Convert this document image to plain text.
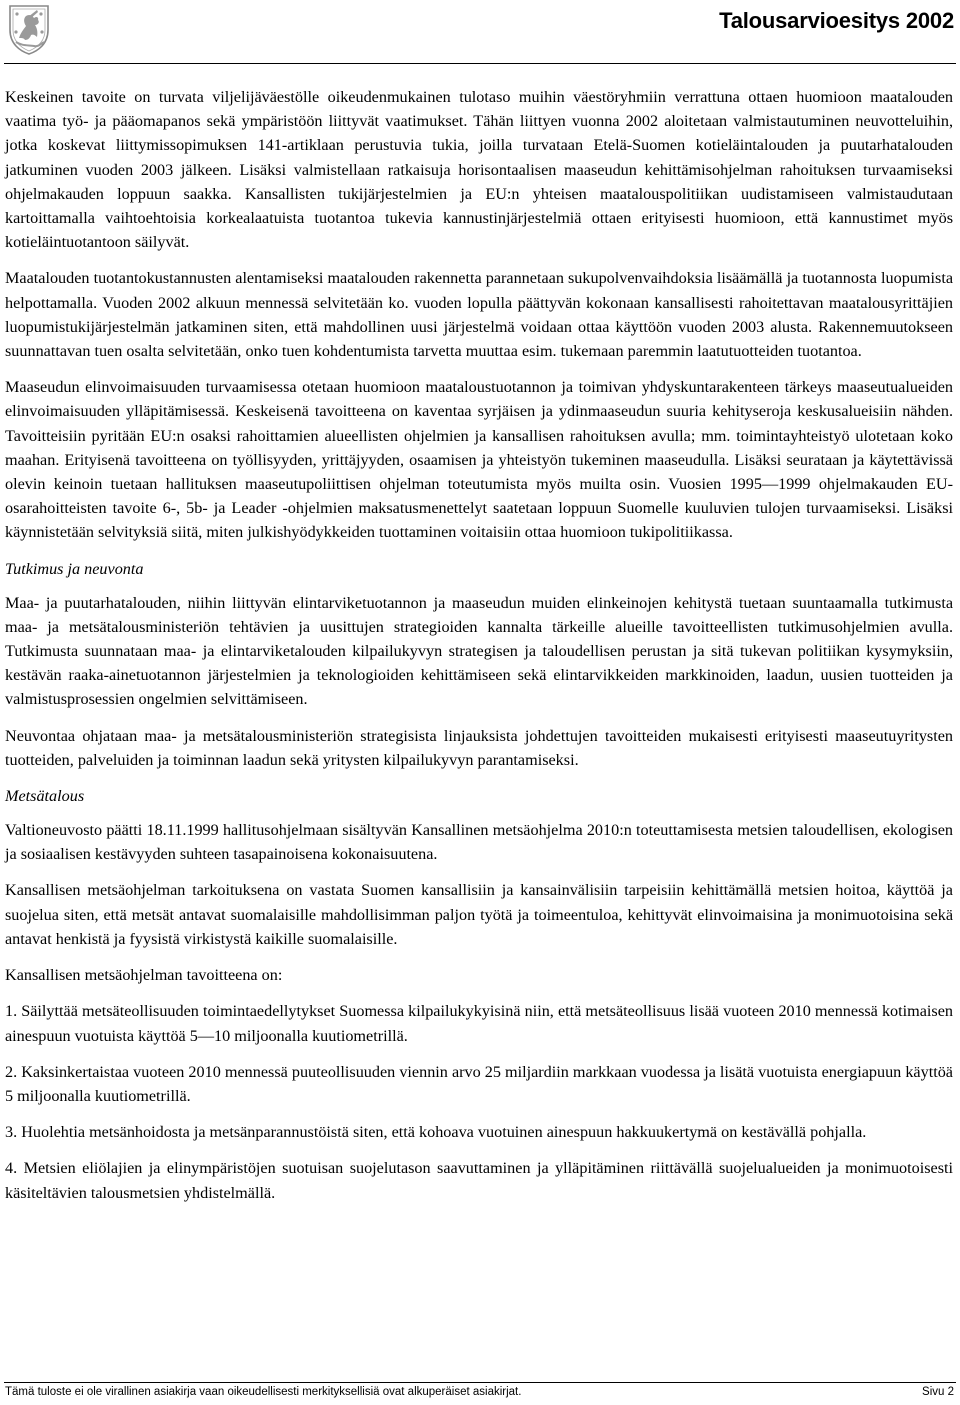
Talousarvioesitys 2002

Keskeinen tavoite on turvata viljelijäväestölle oikeudenmukainen tulotaso muihin väestöryhmiin verrattuna ottaen huomioon maatalouden vaatima työ- ja pääomapanos sekä ympäristöön liittyvät vaatimukset. Tähän liittyen vuonna 2002 aloitetaan valmistautuminen neuvotteluihin, jotka koskevat liittymissopimuksen 141-artiklaan perustuvia tukia, joilla turvataan Etelä-Suomen kotieläintalouden ja puutarhatalouden jatkuminen vuoden 2003 jälkeen. Lisäksi valmistellaan ratkaisuja horisontaalisen maaseudun kehittämisohjelman rahoituksen turvaamiseksi ohjelmakauden loppuun saakka. Kansallisten tukijärjestelmien ja EU:n yhteisen maatalouspolitiikan uudistamiseen valmistaudutaan kartoittamalla vaihtoehtoisia korkealaatuista tuotantoa tukevia kannustinjärjestelmiä ottaen erityisesti huomioon, että kannustimet myös kotieläintuotantoon säilyvät.

Maatalouden tuotantokustannusten alentamiseksi maatalouden rakennetta parannetaan sukupolvenvaihdoksia lisäämällä ja tuotannosta luopumista helpottamalla. Vuoden 2002 alkuun mennessä selvitetään ko. vuoden lopulla päättyvän kokonaan kansallisesti rahoitettavan maatalousyrittäjien luopumistukijärjestelmän jatkaminen siten, että mahdollinen uusi järjestelmä voidaan ottaa käyttöön vuoden 2003 alusta. Rakennemuutokseen suunnattavan tuen osalta selvitetään, onko tuen kohdentumista tarvetta muuttaa esim. tukemaan paremmin laatutuotteiden tuotantoa.

Maaseudun elinvoimaisuuden turvaamisessa otetaan huomioon maataloustuotannon ja toimivan yhdyskuntarakenteen tärkeys maaseutualueiden elinvoimaisuuden ylläpitämisessä. Keskeisenä tavoitteena on kaventaa syrjäisen ja ydinmaaseudun suuria kehityseroja keskusalueisiin nähden. Tavoitteisiin pyritään EU:n osaksi rahoittamien alueellisten ohjelmien ja kansallisen rahoituksen avulla; mm. toimintayhteistyö ulotetaan koko maahan. Erityisenä tavoitteena on työllisyyden, yrittäjyyden, osaamisen ja yhteistyön tukeminen maaseudulla. Lisäksi seurataan ja käytettävissä olevin keinoin tuetaan hallituksen maaseutupoliittisen ohjelman toteutumista myös muilta osin. Vuosien 1995—1999 ohjelmakauden EU-osarahoitteisten tavoite 6-, 5b- ja Leader -ohjelmien maksatusmenettelyt saatetaan loppuun Suomelle kuuluvien tulojen turvaamiseksi. Lisäksi käynnistetään selvityksiä siitä, miten julkishyödykkeiden tuottaminen voitaisiin ottaa huomioon tukipolitiikassa.

Tutkimus ja neuvonta

Maa- ja puutarhatalouden, niihin liittyvän elintarviketuotannon ja maaseudun muiden elinkeinojen kehitystä tuetaan suuntaamalla tutkimusta maa- ja metsätalousministeriön tehtävien ja uusittujen strategioiden kannalta tärkeille alueille tavoitteellisten tutkimusohjelmien avulla. Tutkimusta suunnataan maa- ja elintarviketalouden kilpailukyvyn strategisen ja taloudellisen perustan ja sitä tukevan politiikan kysymyksiin, kestävän raaka-ainetuotannon järjestelmien ja teknologioiden kehittämiseen sekä elintarvikkeiden markkinoiden, laadun, uusien tuotteiden ja valmistusprosessien ongelmien selvittämiseen.

Neuvontaa ohjataan maa- ja metsätalousministeriön strategisista linjauksista johdettujen tavoitteiden mukaisesti erityisesti maaseutuyritysten tuotteiden, palveluiden ja toiminnan laadun sekä yritysten kilpailukyvyn parantamiseksi.

Metsätalous

Valtioneuvosto päätti 18.11.1999 hallitusohjelmaan sisältyvän Kansallinen metsäohjelma 2010:n toteuttamisesta metsien taloudellisen, ekologisen ja sosiaalisen kestävyyden suhteen tasapainoisena kokonaisuutena.

Kansallisen metsäohjelman tarkoituksena on vastata Suomen kansallisiin ja kansainvälisiin tarpeisiin kehittämällä metsien hoitoa, käyttöä ja suojelua siten, että metsät antavat suomalaisille mahdollisimman paljon työtä ja toimeentuloa, kehittyvät elinvoimaisina ja monimuotoisina sekä antavat henkistä ja fyysistä virkistystä kaikille suomalaisille.

Kansallisen metsäohjelman tavoitteena on:

1. Säilyttää metsäteollisuuden toimintaedellytykset Suomessa kilpailukykyisinä niin, että metsäteollisuus lisää vuoteen 2010 mennessä kotimaisen ainespuun vuotuista käyttöä 5—10 miljoonalla kuutiometrillä.

2. Kaksinkertaistaa vuoteen 2010 mennessä puuteollisuuden viennin arvo 25 miljardiin markkaan vuodessa ja lisätä vuotuista energiapuun käyttöä 5 miljoonalla kuutiometrillä.

3. Huolehtia metsänhoidosta ja metsänparannustöistä siten, että kohoava vuotuinen ainespuun hakkuukertymä on kestävällä pohjalla.

4. Metsien eliölajien ja elinympäristöjen suotuisan suojelutason saavuttaminen ja ylläpitäminen riittävällä suojelualueiden ja monimuotoisesti käsiteltävien talousmetsien yhdistelmällä.

Tämä tuloste ei ole virallinen asiakirja vaan oikeudellisesti merkityksellisiä ovat alkuperäiset asiakirjat.	Sivu 2
